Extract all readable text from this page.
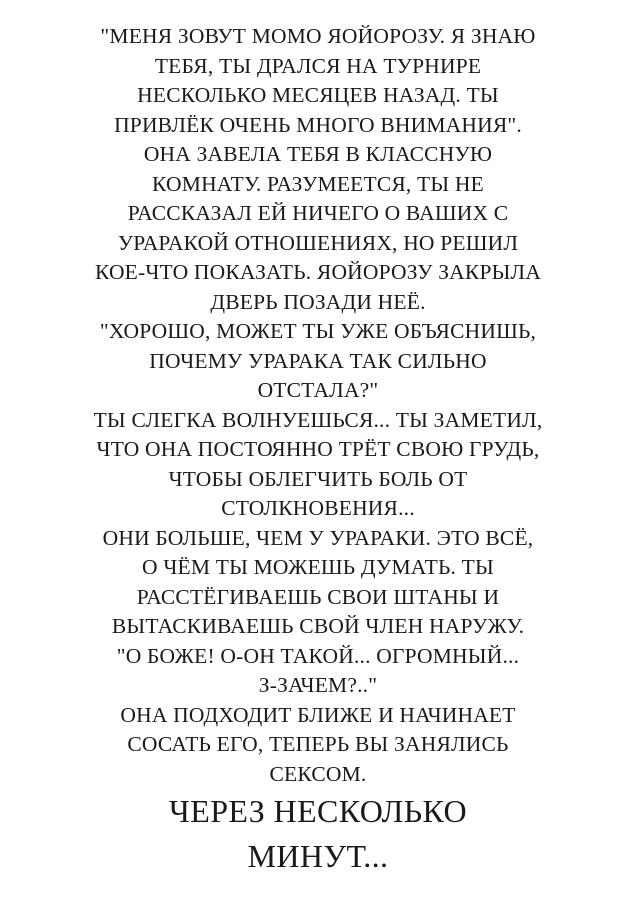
"МЕНЯ ЗОВУТ МОМО ЯОЙОРОЗУ. Я ЗНАЮ
ТЕБЯ, ТЫ ДРАЛСЯ НА ТУРНИРЕ
НЕСКОЛЬКО МЕСЯЦЕВ НАЗАД. ТЫ
ПРИВЛЁК ОЧЕНЬ МНОГО ВНИМАНИЯ".
ОНА ЗАВЕЛА ТЕБЯ В КЛАССНУЮ
КОМНАТУ. РАЗУМЕЕТСЯ, ТЫ НЕ
РАССКАЗАЛ ЕЙ НИЧЕГО О ВАШИХ С
УРАРАКОЙ ОТНОШЕНИЯХ, НО РЕШИЛ
КОЕ-ЧТО ПОКАЗАТЬ. ЯОЙОРОЗУ ЗАКРЫЛА
ДВЕРЬ ПОЗАДИ НЕЁ.
"ХОРОШО, МОЖЕТ ТЫ УЖЕ ОБЪЯСНИШЬ,
ПОЧЕМУ УРАРАКА ТАК СИЛЬНО
ОТСТАЛА?"
ТЫ СЛЕГКА ВОЛНУЕШЬСЯ... ТЫ ЗАМЕТИЛ,
ЧТО ОНА ПОСТОЯННО ТРЁТ СВОЮ ГРУДЬ,
ЧТОБЫ ОБЛЕГЧИТЬ БОЛЬ ОТ
СТОЛКНОВЕНИЯ...
ОНИ БОЛЬШЕ, ЧЕМ У УРАРАКИ. ЭТО ВСЁ,
О ЧЁМ ТЫ МОЖЕШЬ ДУМАТЬ. ТЫ
РАССТЁГИВАЕШЬ СВОИ ШТАНЫ И
ВЫТАСКИВАЕШЬ СВОЙ ЧЛЕН НАРУЖУ.
"О БОЖЕ! О-ОН ТАКОЙ... ОГРОМНЫЙ...
З-ЗАЧЕМ?.."
ОНА ПОДХОДИТ БЛИЖЕ И НАЧИНАЕТ
СОСАТЬ ЕГО, ТЕПЕРЬ ВЫ ЗАНЯЛИСЬ
СЕКСОМ.
ЧЕРЕЗ НЕСКОЛЬКО
МИНУТ...
